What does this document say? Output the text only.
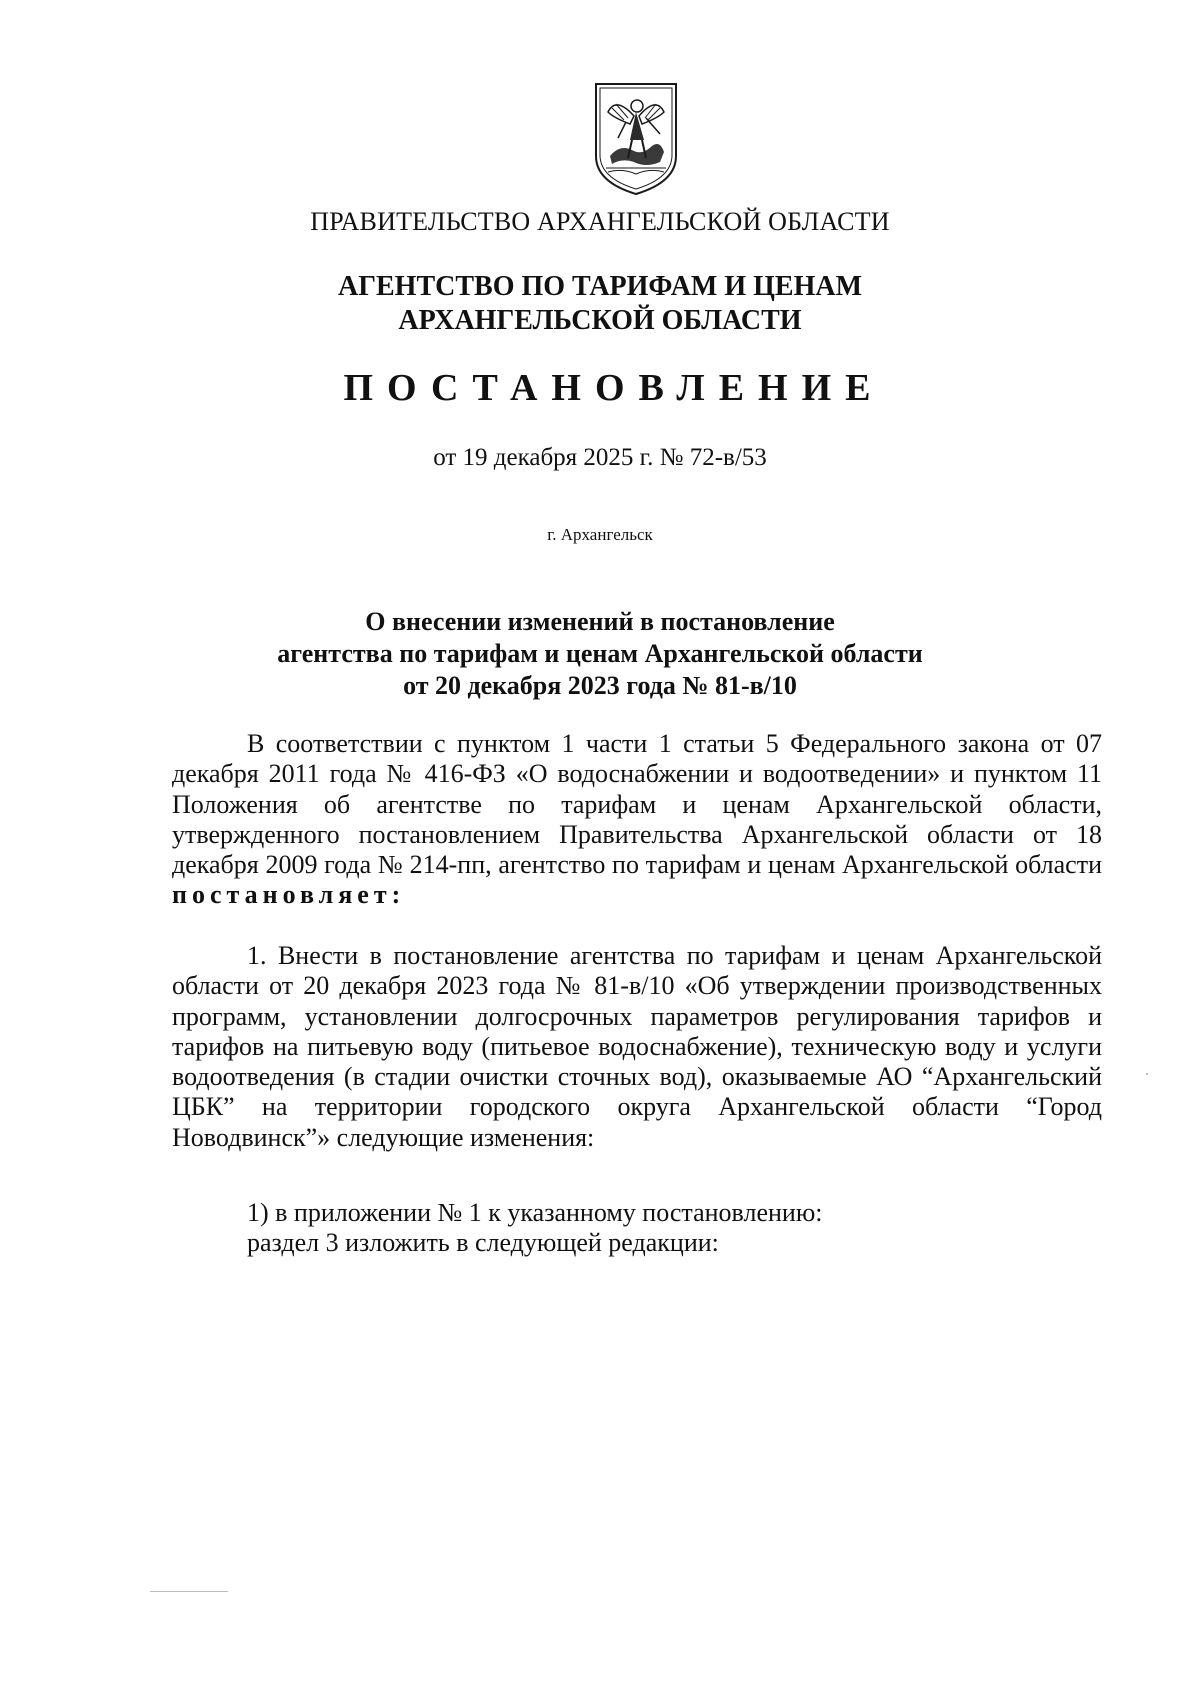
ПРАВИТЕЛЬСТВО АРХАНГЕЛЬСКОЙ ОБЛАСТИ
АГЕНТСТВО ПО ТАРИФАМ И ЦЕНАМ
АРХАНГЕЛЬСКОЙ ОБЛАСТИ
ПОСТАНОВЛЕНИЕ
от 19 декабря 2025 г. № 72-в/53
г. Архангельск
О внесении изменений в постановление
агентства по тарифам и ценам Архангельской области
от 20 декабря 2023 года № 81-в/10

В соответствии с пунктом 1 части 1 статьи 5 Федерального закона от 07 декабря 2011 года № 416-ФЗ «О водоснабжении и водоотведении» и пунктом 11 Положения об агентстве по тарифам и ценам Архангельской области, утвержденного постановлением Правительства Архангельской области от 18 декабря 2009 года № 214-пп, агентство по тарифам и ценам Архангельской области постановляет:

1. Внести в постановление агентства по тарифам и ценам Архангельской области от 20 декабря 2023 года № 81-в/10 «Об утверждении производственных программ, установлении долгосрочных параметров регулирования тарифов и тарифов на питьевую воду (питьевое водоснабжение), техническую воду и услуги водоотведения (в стадии очистки сточных вод), оказываемые АО “Архангельский ЦБК” на территории городского округа Архангельской области “Город Новодвинск”» следующие изменения:

1) в приложении № 1 к указанному постановлению:

раздел 3 изложить в следующей редакции:
